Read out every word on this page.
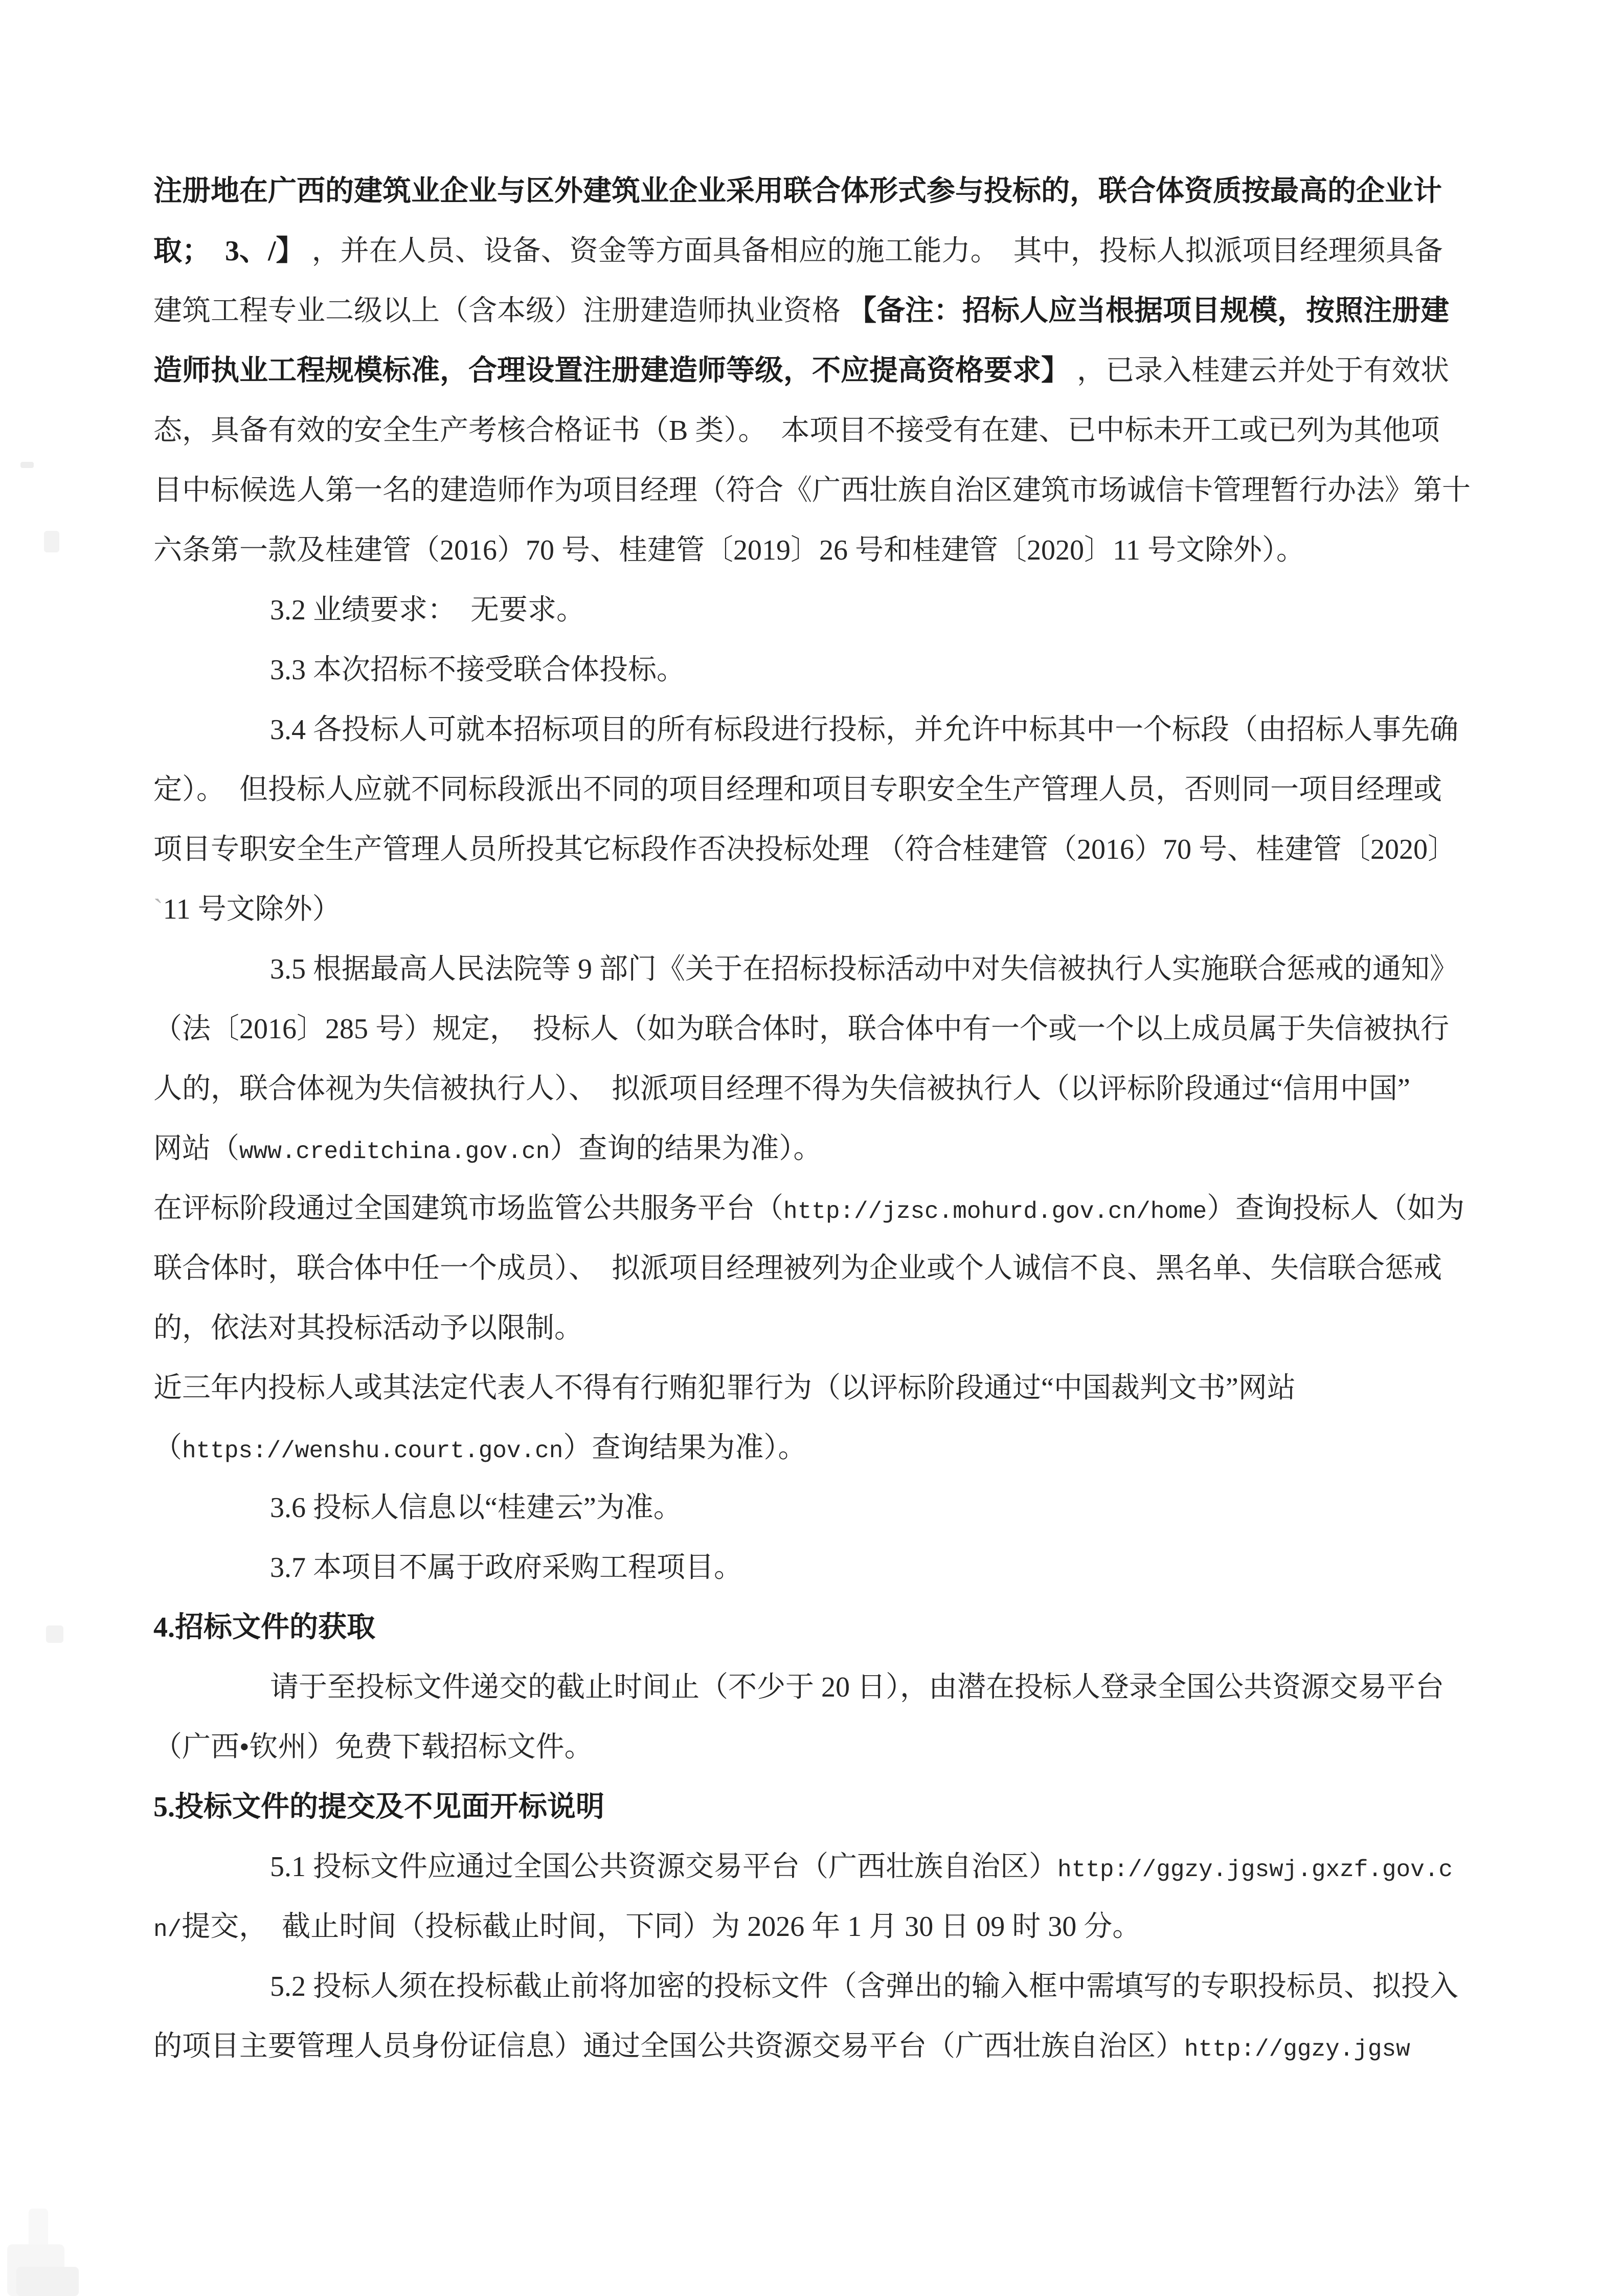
注册地在广西的建筑业企业与区外建筑业企业采用联合体形式参与投标的，联合体资质按最高的企业计
取；　 3、/】 ，并在人员、设备、资金等方面具备相应的施工能力。　其中，投标人拟派项目经理须具备
建筑工程专业二级以上（含本级）注册建造师执业资格 【备注：招标人应当根据项目规模，按照注册建
造师执业工程规模标准，合理设置注册建造师等级，不应提高资格要求】 ，已录入桂建云并处于有效状
态，具备有效的安全生产考核合格证书（B 类）。　本项目不接受有在建、已中标未开工或已列为其他项
目中标候选人第一名的建造师作为项目经理（符合《广西壮族自治区建筑市场诚信卡管理暂行办法》第十
六条第一款及桂建管（2016）70 号、桂建管〔2019〕26 号和桂建管〔2020〕11 号文除外）。
3.2 业绩要求：　无要求。
3.3 本次招标不接受联合体投标。
3.4 各投标人可就本招标项目的所有标段进行投标，并允许中标其中一个标段（由招标人事先确
定）。　但投标人应就不同标段派出不同的项目经理和项目专职安全生产管理人员，否则同一项目经理或
项目专职安全生产管理人员所投其它标段作否决投标处理 （符合桂建管（2016）70 号、桂建管〔2020〕
ˋ11 号文除外）
3.5 根据最高人民法院等 9 部门《关于在招标投标活动中对失信被执行人实施联合惩戒的通知》
（法〔2016〕285 号）规定，　投标人（如为联合体时，联合体中有一个或一个以上成员属于失信被执行
人的，联合体视为失信被执行人）、　拟派项目经理不得为失信被执行人（以评标阶段通过“信用中国”
网站（www.creditchina.gov.cn）查询的结果为准）。
在评标阶段通过全国建筑市场监管公共服务平台（http://jzsc.mohurd.gov.cn/home）查询投标人（如为
联合体时，联合体中任一个成员）、　拟派项目经理被列为企业或个人诚信不良、黑名单、失信联合惩戒
的，依法对其投标活动予以限制。
近三年内投标人或其法定代表人不得有行贿犯罪行为（以评标阶段通过“中国裁判文书”网站
（https://wenshu.court.gov.cn）查询结果为准）。
3.6 投标人信息以“桂建云”为准。
3.7 本项目不属于政府采购工程项目。
4.招标文件的获取
请于至投标文件递交的截止时间止（不少于 20 日），由潜在投标人登录全国公共资源交易平台
（广西•钦州）免费下载招标文件。
5.投标文件的提交及不见面开标说明
5.1 投标文件应通过全国公共资源交易平台（广西壮族自治区）http://ggzy.jgswj.gxzf.gov.c
n/提交，　截止时间（投标截止时间，下同）为 2026 年 1 月 30 日 09 时 30 分。
5.2 投标人须在投标截止前将加密的投标文件（含弹出的输入框中需填写的专职投标员、拟投入
的项目主要管理人员身份证信息）通过全国公共资源交易平台（广西壮族自治区）http://ggzy.jgsw
